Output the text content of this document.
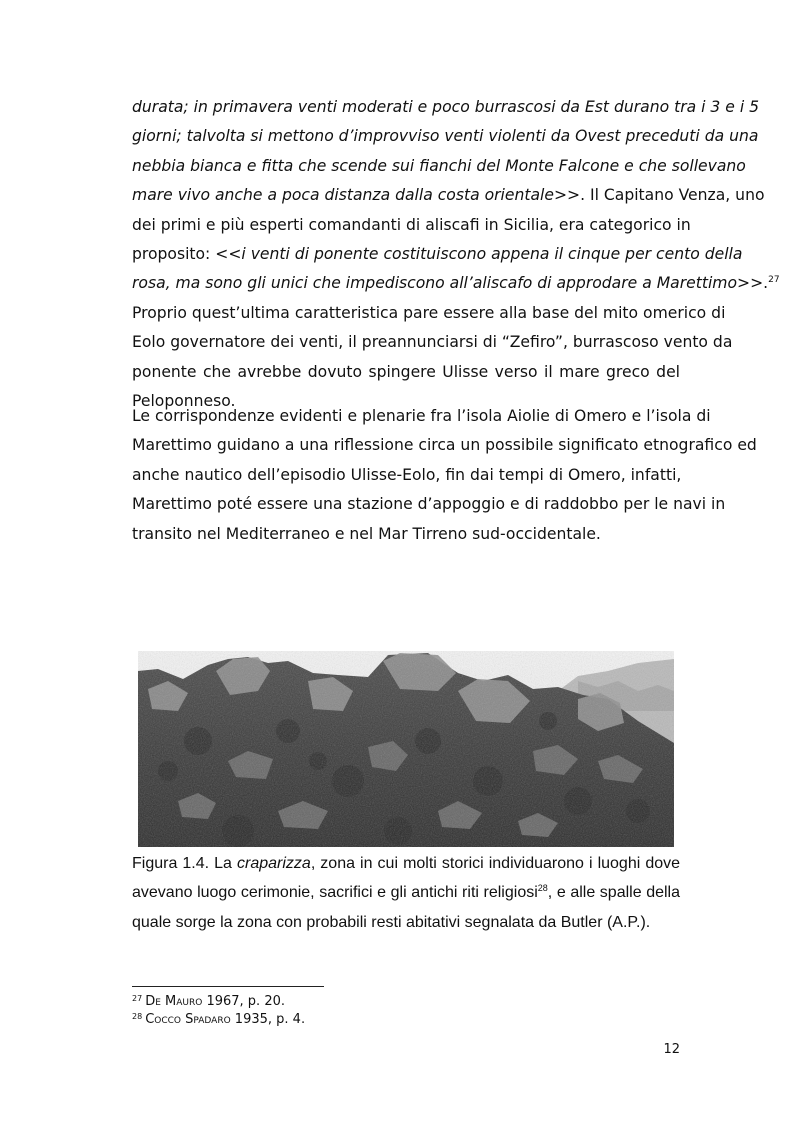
durata; in primavera venti moderati e poco burrascosi da Est durano tra i 3 e i 5
giorni; talvolta si mettono d’improvviso venti violenti da Ovest preceduti da una
nebbia bianca e fitta che scende sui fianchi del Monte Falcone e che sollevano
mare vivo anche a poca distanza dalla costa orientale>>. Il Capitano Venza, uno
dei primi e più esperti comandanti di aliscafi in Sicilia, era categorico in
proposito: <<i venti di ponente costituiscono appena il cinque per cento della
rosa, ma sono gli unici che impediscono all’aliscafo di approdare a Marettimo>>.$^{27}$
Proprio quest’ultima caratteristica pare essere alla base del mito omerico di
Eolo governatore dei venti, il preannunciarsi di “Zefiro”, burrascoso vento da
ponente che avrebbe dovuto spingere Ulisse verso il mare greco del
Peloponneso.
Le corrispondenze evidenti e plenarie fra l’isola Aiolie di Omero e l’isola di
Marettimo guidano a una riflessione circa un possibile significato etnografico ed
anche nautico dell’episodio Ulisse-Eolo, fin dai tempi di Omero, infatti,
Marettimo poté essere una stazione d’appoggio e di raddobbo per le navi in
transito nel Mediterraneo e nel Mar Tirreno sud-occidentale.
Figura 1.4. La craparizza, zona in cui molti storici individuarono i luoghi dove
avevano luogo cerimonie, sacrifici e gli antichi riti religiosi$^{28}$, e alle spalle della
quale sorge la zona con probabili resti abitativi segnalata da Butler (A.P.).
$^{27}$ De Mauro 1967, p. 20.
$^{28}$ Cocco Spadaro 1935, p. 4.
12
